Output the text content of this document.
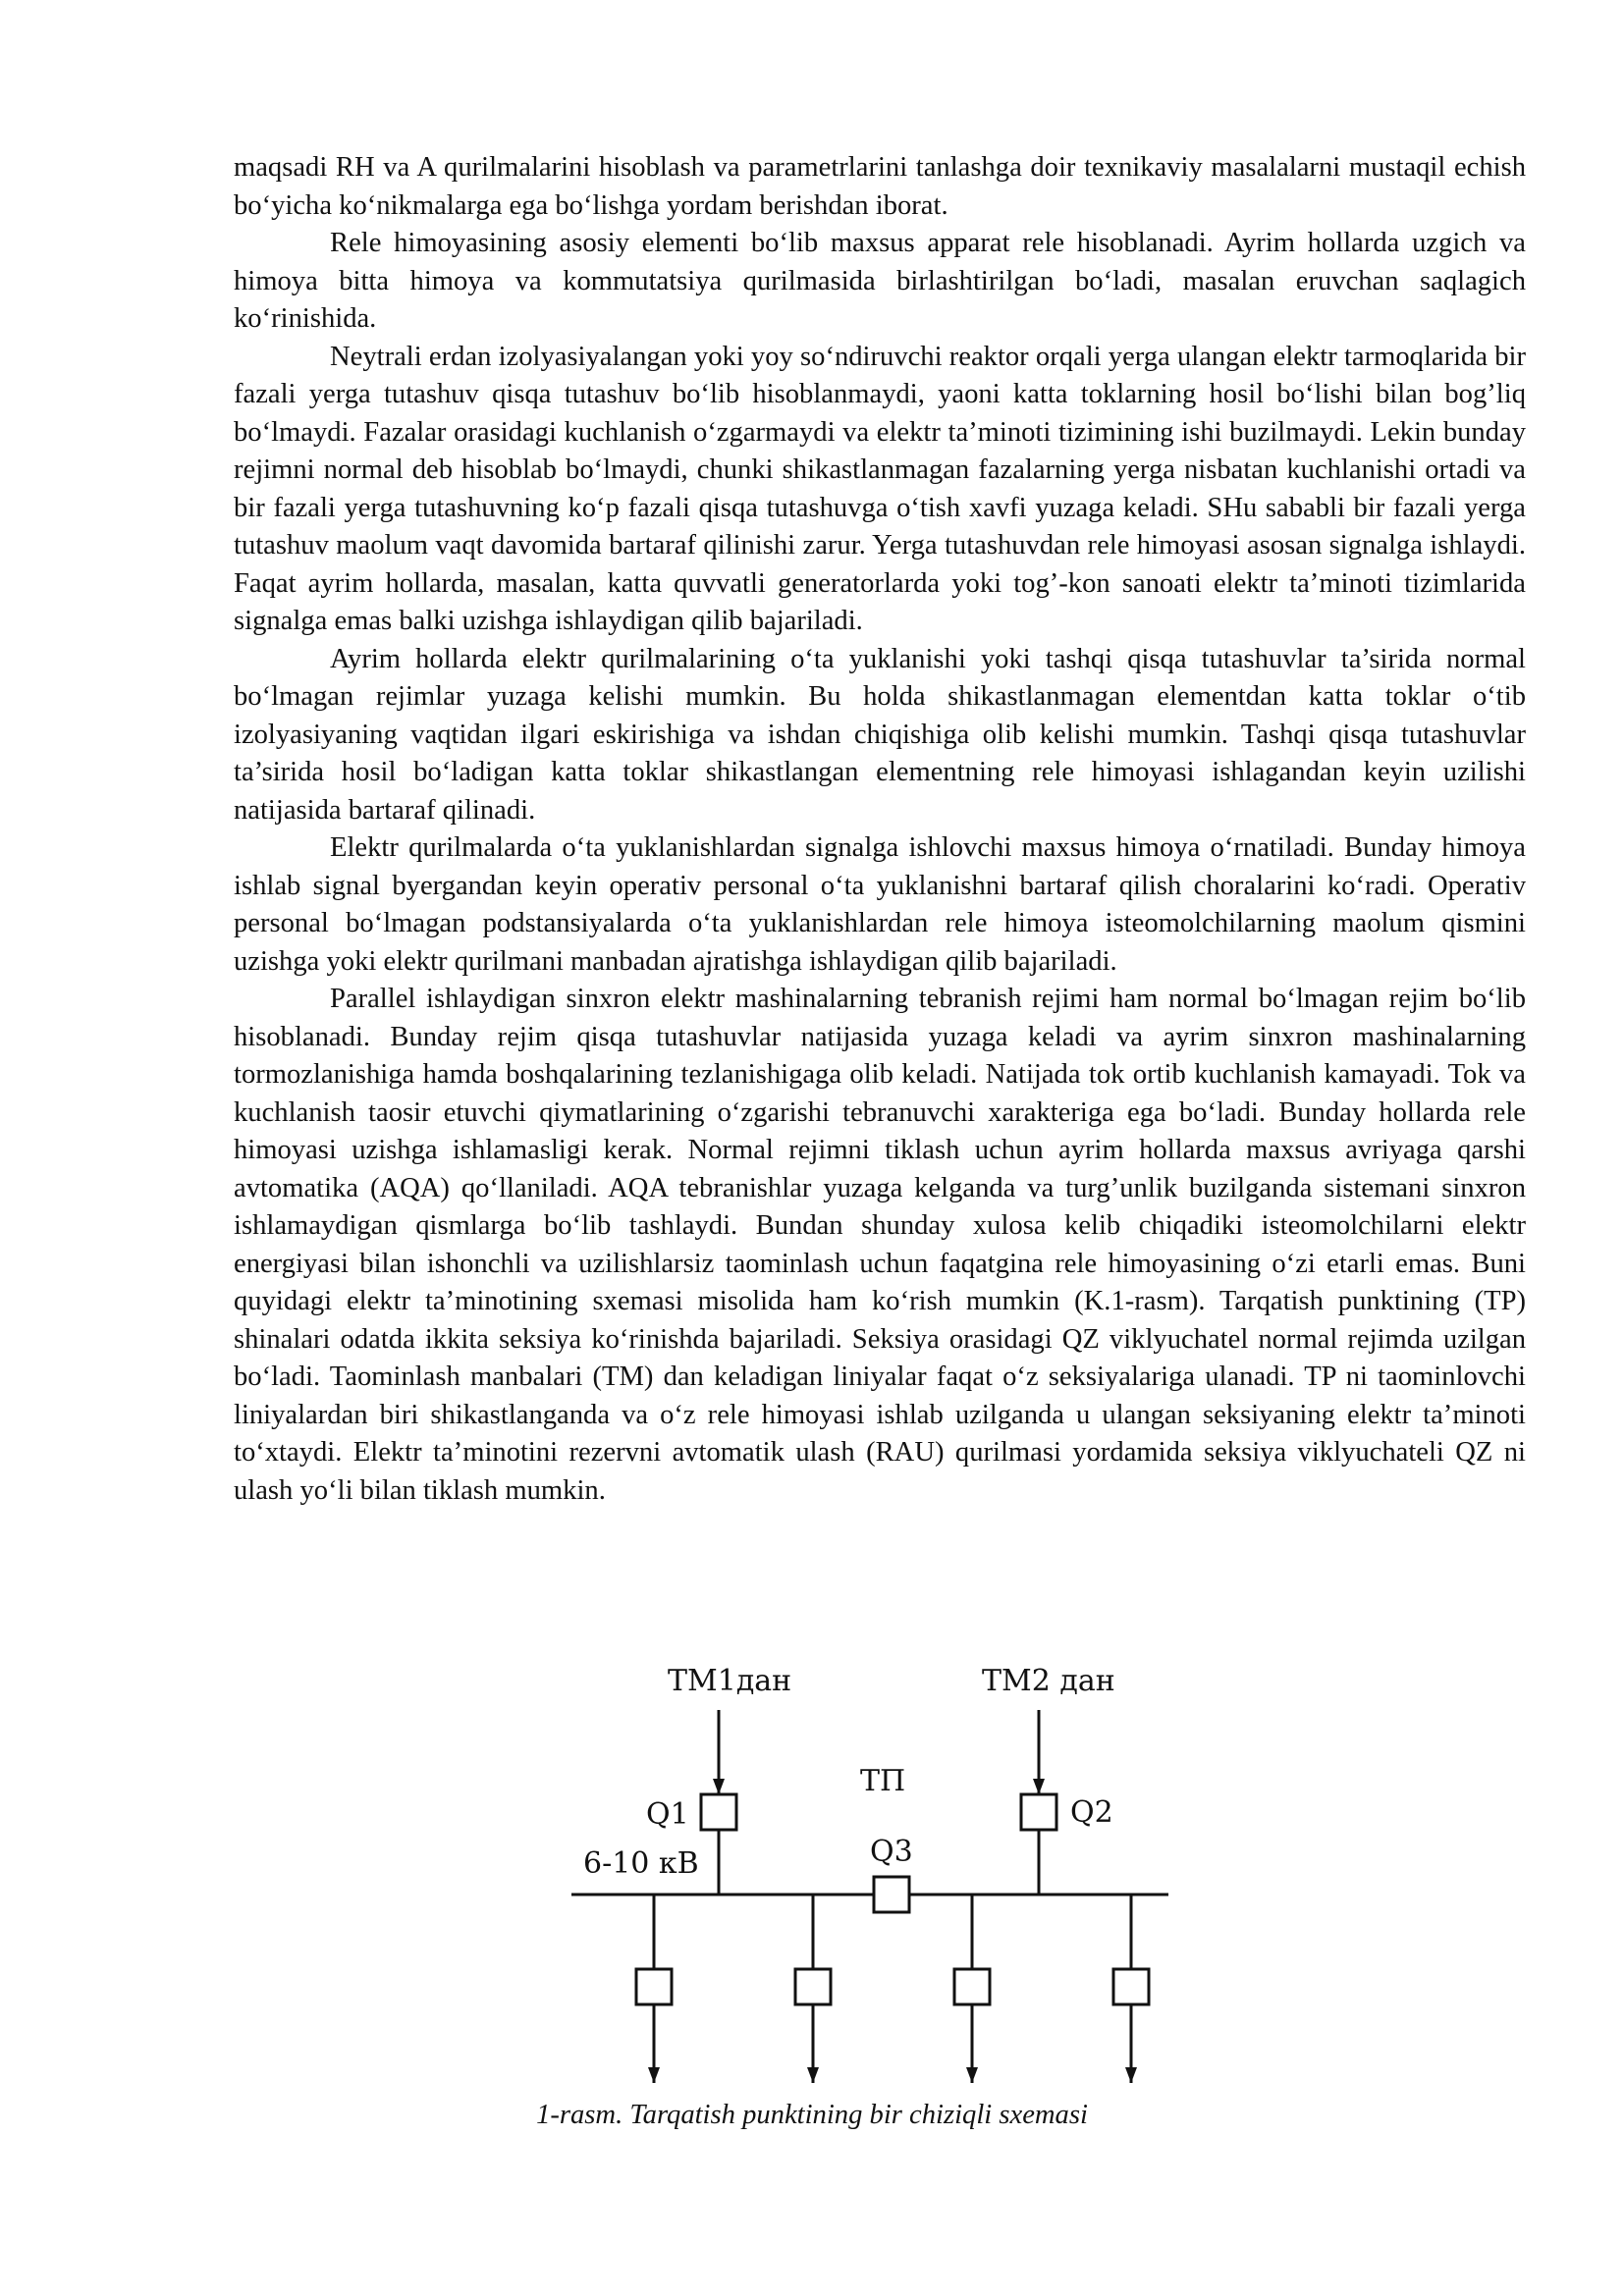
maqsadi RH va A qurilmalarini hisoblash va parametrlarini tanlashga doir texnikaviy masalalarni mustaqil echish bo‘yicha ko‘nikmalarga ega bo‘lishga yordam berishdan iborat.

Rele himoyasining asosiy elementi bo‘lib maxsus apparat rele hisoblanadi. Ayrim hollarda uzgich va himoya bitta himoya va kommutatsiya qurilmasida birlashtirilgan bo‘ladi, masalan eruvchan saqlagich ko‘rinishida.

Neytrali erdan izolyasiyalangan yoki yoy so‘ndiruvchi reaktor orqali yerga ulangan elektr tarmoqlarida bir fazali yerga tutashuv qisqa tutashuv bo‘lib hisoblanmaydi, yaoni katta toklarning hosil bo‘lishi bilan bog’liq bo‘lmaydi. Fazalar orasidagi kuchlanish o‘zgarmaydi va elektr ta’minoti tizimining ishi buzilmaydi. Lekin bunday rejimni normal deb hisoblab bo‘lmaydi, chunki shikastlanmagan fazalarning yerga nisbatan kuchlanishi ortadi va bir fazali yerga tutashuvning ko‘p fazali qisqa tutashuvga o‘tish xavfi yuzaga keladi. SHu sababli bir fazali yerga tutashuv maolum vaqt davomida bartaraf qilinishi zarur. Yerga tutashuvdan rele himoyasi asosan signalga ishlaydi. Faqat ayrim hollarda, masalan, katta quvvatli generatorlarda yoki tog’-kon sanoati elektr ta’minoti tizimlarida signalga emas balki uzishga ishlaydigan qilib bajariladi.

Ayrim hollarda elektr qurilmalarining o‘ta yuklanishi yoki tashqi qisqa tutashuvlar ta’sirida normal bo‘lmagan rejimlar yuzaga kelishi mumkin. Bu holda shikastlanmagan elementdan katta toklar o‘tib izolyasiyaning vaqtidan ilgari eskirishiga va ishdan chiqishiga olib kelishi mumkin. Tashqi qisqa tutashuvlar ta’sirida hosil bo‘ladigan katta toklar shikastlangan elementning rele himoyasi ishlagandan keyin uzilishi natijasida bartaraf qilinadi.

Elektr qurilmalarda o‘ta yuklanishlardan signalga ishlovchi maxsus himoya o‘rnatiladi. Bunday himoya ishlab signal byergandan keyin operativ personal o‘ta yuklanishni bartaraf qilish choralarini ko‘radi. Operativ personal bo‘lmagan podstansiyalarda o‘ta yuklanishlardan rele himoya isteomolchilarning maolum qismini uzishga yoki elektr qurilmani manbadan ajratishga ishlaydigan qilib bajariladi.

Parallel ishlaydigan sinxron elektr mashinalarning tebranish rejimi ham normal bo‘lmagan rejim bo‘lib hisoblanadi. Bunday rejim qisqa tutashuvlar natijasida yuzaga keladi va ayrim sinxron mashinalarning tormozlanishiga hamda boshqalarining tezlanishigaga olib keladi. Natijada tok ortib kuchlanish kamayadi. Tok va kuchlanish taosir etuvchi qiymatlarining o‘zgarishi tebranuvchi xarakteriga ega bo‘ladi. Bunday hollarda rele himoyasi uzishga ishlamasligi kerak. Normal rejimni tiklash uchun ayrim hollarda maxsus avriyaga qarshi avtomatika (AQA) qo‘llaniladi. AQA tebranishlar yuzaga kelganda va turg’unlik buzilganda sistemani sinxron ishlamaydigan qismlarga bo‘lib tashlaydi. Bundan shunday xulosa kelib chiqadiki isteomolchilarni elektr energiyasi bilan ishonchli va uzilishlarsiz taominlash uchun faqatgina rele himoyasining o‘zi etarli emas. Buni quyidagi elektr ta’minotining sxemasi misolida ham ko‘rish mumkin (K.1-rasm). Tarqatish punktining (TP) shinalari odatda ikkita seksiya ko‘rinishda bajariladi. Seksiya orasidagi QZ viklyuchatel normal rejimda uzilgan bo‘ladi. Taominlash manbalari (TM) dan keladigan liniyalar faqat o‘z seksiyalariga ulanadi. TP ni taominlovchi liniyalardan biri shikastlanganda va o‘z rele himoyasi ishlab uzilganda u ulangan seksiyaning elektr ta’minoti to‘xtaydi. Elektr ta’minotini rezervni avtomatik ulash (RAU) qurilmasi yordamida seksiya viklyuchateli QZ ni ulash yo‘li bilan tiklash mumkin.

ТМ1дан	ТМ2 дан
ТП
Q1	Q2
Q3
6-10 кВ
1-rasm. Tarqatish punktining bir chiziqli sxemasi
